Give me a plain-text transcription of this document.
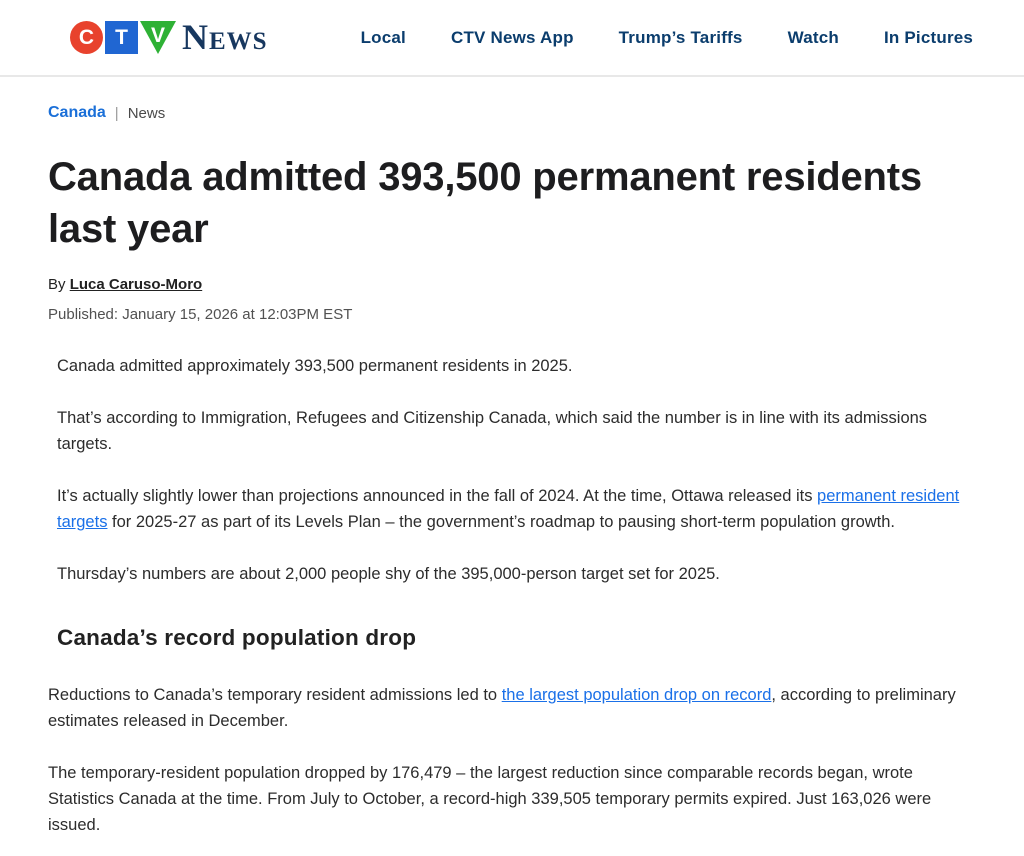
C	T	V News	Local	CTV News App	Trump’s Tariffs	Watch	In Pictures
Canada | News
Canada admitted 393,500 permanent residents last year
By Luca Caruso-Moro
Published: January 15, 2026 at 12:03PM EST

Canada admitted approximately 393,500 permanent residents in 2025.

That’s according to Immigration, Refugees and Citizenship Canada, which said the number is in line with its admissions targets.

It’s actually slightly lower than projections announced in the fall of 2024. At the time, Ottawa released its permanent resident targets for 2025-27 as part of its Levels Plan – the government’s roadmap to pausing short-term population growth.

Thursday’s numbers are about 2,000 people shy of the 395,000-person target set for 2025.

Canada’s record population drop

Reductions to Canada’s temporary resident admissions led to the largest population drop on record, according to preliminary estimates released in December.

The temporary-resident population dropped by 176,479 – the largest reduction since comparable records began, wrote Statistics Canada at the time. From July to October, a record-high 339,505 temporary permits expired. Just 163,026 were issued.
